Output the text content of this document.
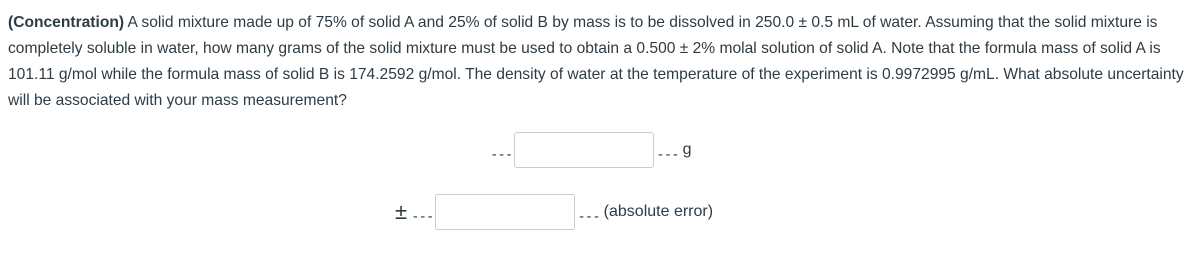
(Concentration) A solid mixture made up of 75% of solid A and 25% of solid B by mass is to be dissolved in 250.0 ± 0.5 mL of water. Assuming that the solid mixture is completely soluble in water, how many grams of the solid mixture must be used to obtain a 0.500 ± 2% molal solution of solid A. Note that the formula mass of solid A is 101.11 g/mol while the formula mass of solid B is 174.2592 g/mol. The density of water at the temperature of the experiment is 0.9972995 g/mL. What absolute uncertainty will be associated with your mass measurement?

---	--- g
± ---	--- (absolute error)
